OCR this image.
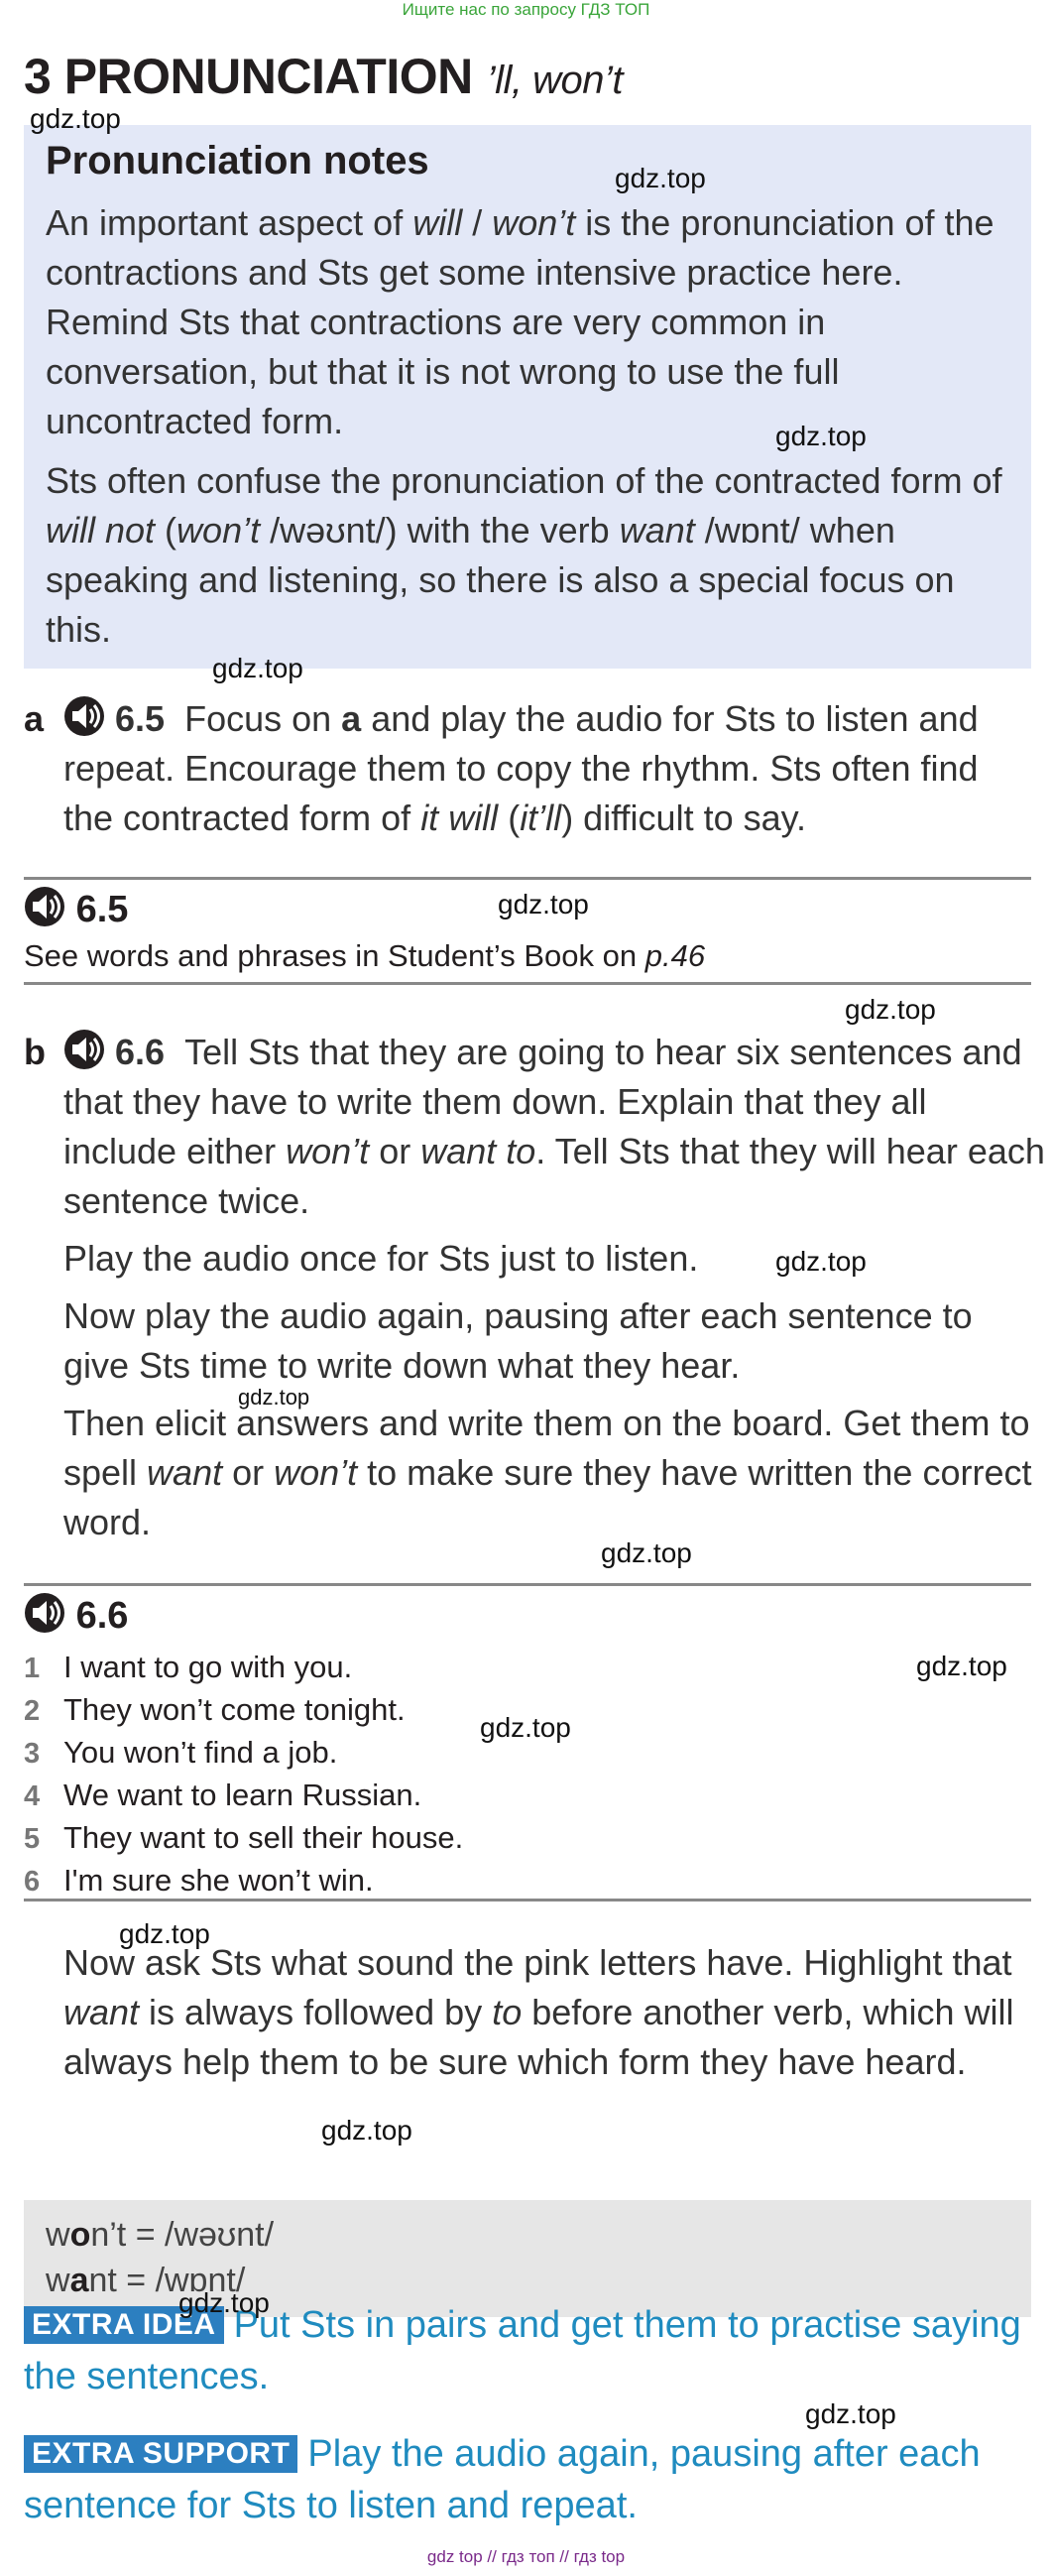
Ищите нас по запросу ГДЗ ТОП
3 PRONUNCIATION ’ll, won’t
Pronunciation notes

An important aspect of will / won’t is the pronunciation of the contractions and Sts get some intensive practice here. Remind Sts that contractions are very common in conversation, but that it is not wrong to use the full uncontracted form.

Sts often confuse the pronunciation of the contracted form of will not (won’t /wəʊnt/) with the verb want /wɒnt/ when speaking and listening, so there is also a special focus on this.

a	6.5 Focus on a and play the audio for Sts to listen and repeat. Encourage them to copy the rhythm. Sts often find the contracted form of it will (it’ll) difficult to say.

6.5
See words and phrases in Student’s Book on p.46
b	6.6 Tell Sts that they are going to hear six sentences and that they have to write them down. Explain that they all include either won’t or want to. Tell Sts that they will hear each sentence twice.

Play the audio once for Sts just to listen.

Now play the audio again, pausing after each sentence to give Sts time to write down what they hear.

Then elicit answers and write them on the board. Get them to spell want or won’t to make sure they have written the correct word.

6.6
1 I want to go with you.
2 They won’t come tonight.
3 You won’t find a job.
4 We want to learn Russian.
5 They want to sell their house.
6 I'm sure she won’t win.

Now ask Sts what sound the pink letters have. Highlight that want is always followed by to before another verb, which will always help them to be sure which form they have heard.

won’t = /wəʊnt/
want = /wɒnt/
EXTRA IDEA Put Sts in pairs and get them to practise saying the sentences.
EXTRA SUPPORT Play the audio again, pausing after each sentence for Sts to listen and repeat.
gdz.top
gdz.top
gdz.top
gdz.top
gdz.top
gdz.top
gdz.top
gdz.top
gdz.top
gdz.top
gdz.top
gdz.top
gdz.top
gdz.top
gdz.top
gdz top // гдз топ // гдз top
